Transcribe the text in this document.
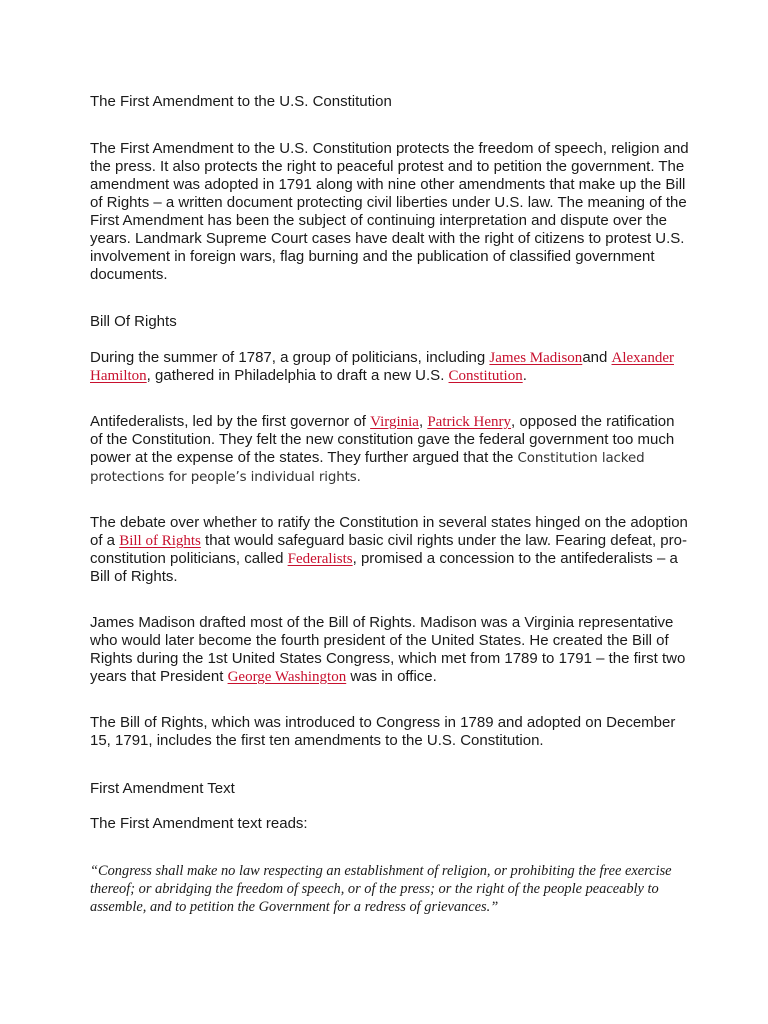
The First Amendment to the U.S. Constitution

The First Amendment to the U.S. Constitution protects the freedom of speech, religion and the press. It also protects the right to peaceful protest and to petition the government. The amendment was adopted in 1791 along with nine other amendments that make up the Bill of Rights – a written document protecting civil liberties under U.S. law. The meaning of the First Amendment has been the subject of continuing interpretation and dispute over the years. Landmark Supreme Court cases have dealt with the right of citizens to protest U.S. involvement in foreign wars, flag burning and the publication of classified government documents.

Bill Of Rights

During the summer of 1787, a group of politicians, including James Madisonand Alexander Hamilton, gathered in Philadelphia to draft a new U.S. Constitution.

Antifederalists, led by the first governor of Virginia, Patrick Henry, opposed the ratification of the Constitution. They felt the new constitution gave the federal government too much power at the expense of the states. They further argued that the Constitution lacked protections for people’s individual rights.

The debate over whether to ratify the Constitution in several states hinged on the adoption of a Bill of Rights that would safeguard basic civil rights under the law. Fearing defeat, pro-constitution politicians, called Federalists, promised a concession to the antifederalists – a Bill of Rights.

James Madison drafted most of the Bill of Rights. Madison was a Virginia representative who would later become the fourth president of the United States. He created the Bill of Rights during the 1st United States Congress, which met from 1789 to 1791 – the first two years that President George Washington was in office.

The Bill of Rights, which was introduced to Congress in 1789 and adopted on December 15, 1791, includes the first ten amendments to the U.S. Constitution.

First Amendment Text

The First Amendment text reads:

“Congress shall make no law respecting an establishment of religion, or prohibiting the free exercise thereof; or abridging the freedom of speech, or of the press; or the right of the people peaceably to assemble, and to petition the Government for a redress of grievances.”
